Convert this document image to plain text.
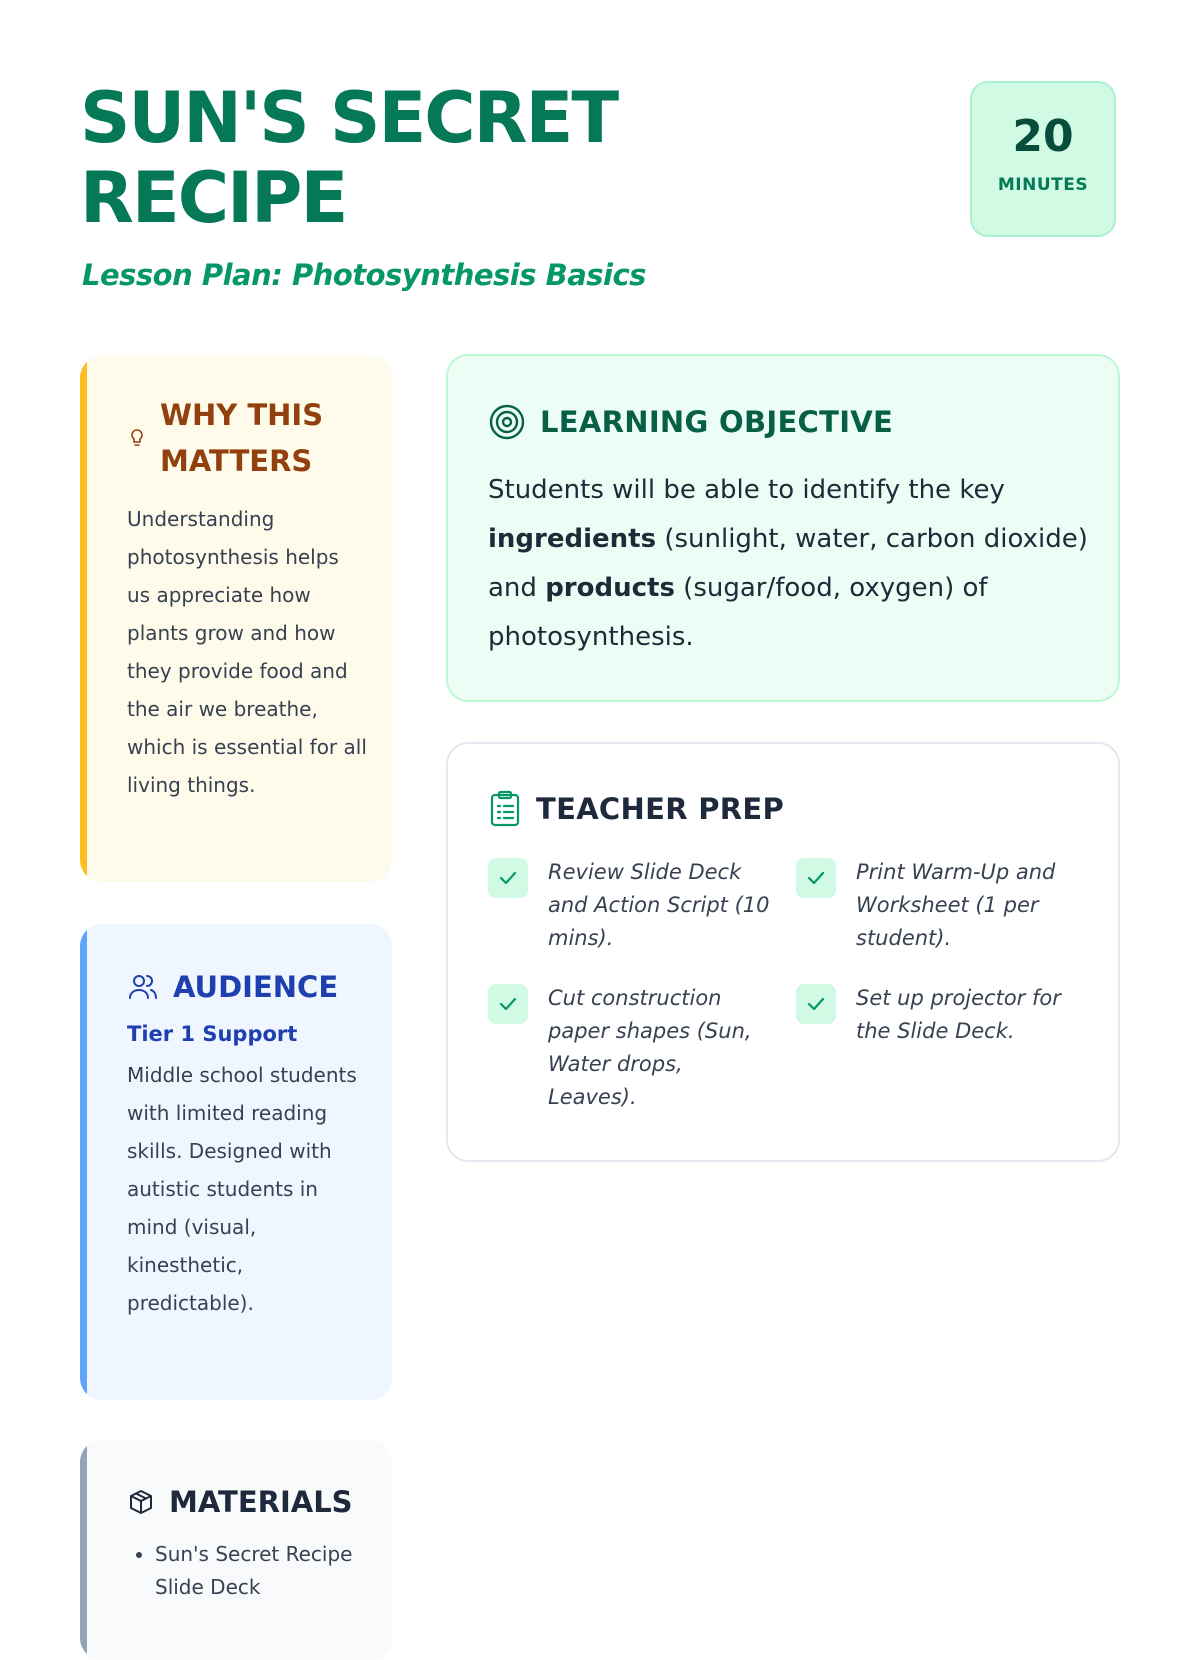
SUN'S SECRET RECIPE

Lesson Plan: Photosynthesis Basics

20
MINUTES
WHY THIS MATTERS

Understanding photosynthesis helps us appreciate how plants grow and how they provide food and the air we breathe, which is essential for all living things.

AUDIENCE

Tier 1 Support

Middle school students with limited reading skills. Designed with autistic students in mind (visual, kinesthetic, predictable).

MATERIALS
• Sun's Secret Recipe Slide Deck
LEARNING OBJECTIVE

Students will be able to identify the key ingredients (sunlight, water, carbon dioxide) and products (sugar/food, oxygen) of photosynthesis.

TEACHER PREP
Review Slide Deck and Action Script (10 mins).
Print Warm-Up and Worksheet (1 per student).
Cut construction paper shapes (Sun, Water drops, Leaves).
Set up projector for the Slide Deck.
